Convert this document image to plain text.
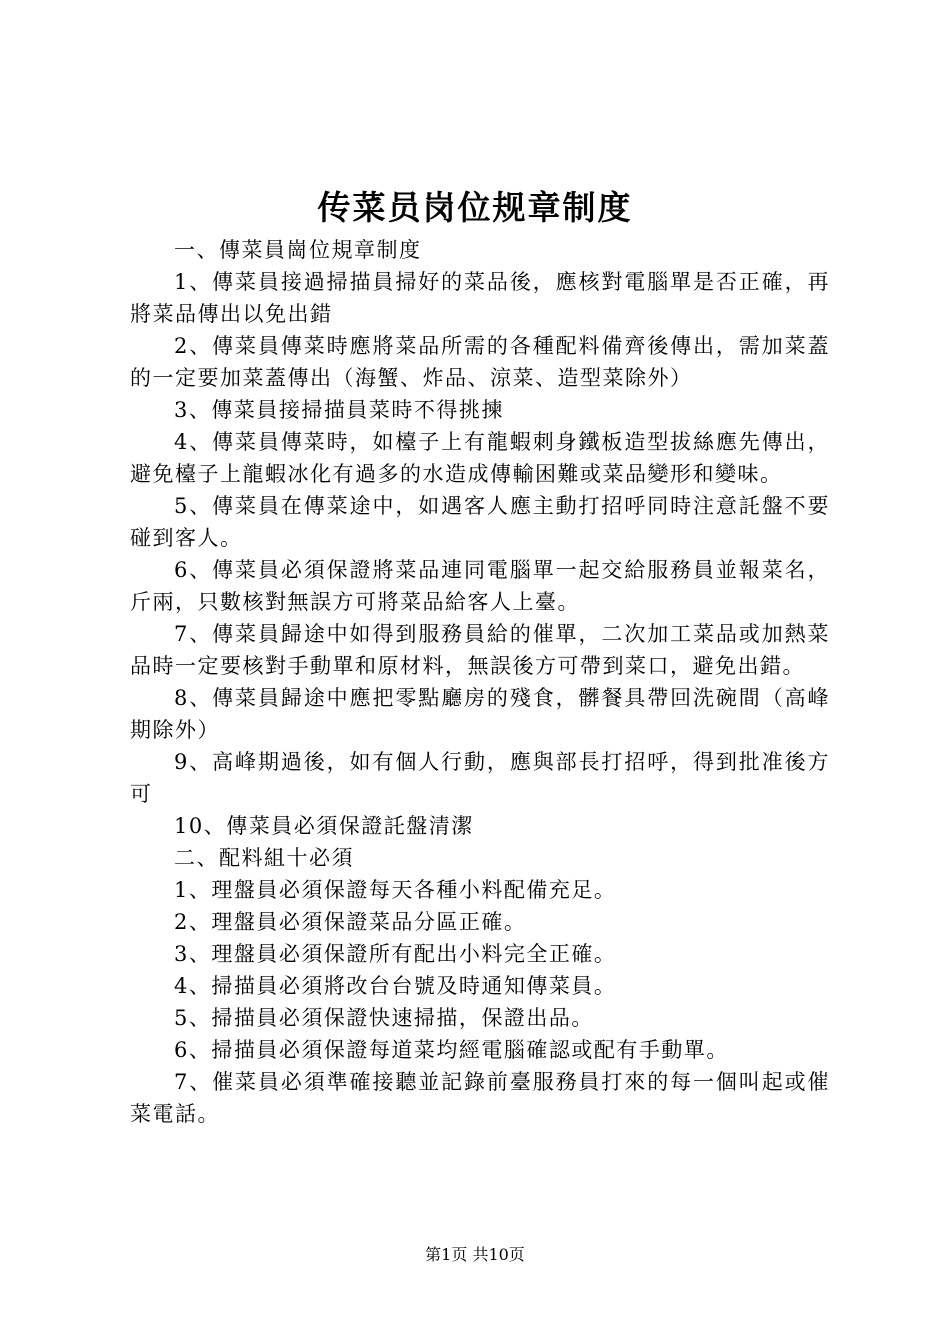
传菜员岗位规章制度

一、傳菜員崗位規章制度

1、傳菜員接過掃描員掃好的菜品後，應核對電腦單是否正確，再將菜品傳出以免出錯

2、傳菜員傳菜時應將菜品所需的各種配料備齊後傳出，需加菜蓋的一定要加菜蓋傳出（海蟹、炸品、涼菜、造型菜除外）

3、傳菜員接掃描員菜時不得挑揀

4、傳菜員傳菜時，如檯子上有龍蝦刺身鐵板造型拔絲應先傳出，避免檯子上龍蝦冰化有過多的水造成傳輸困難或菜品變形和變味。

5、傳菜員在傳菜途中，如遇客人應主動打招呼同時注意託盤不要碰到客人。

6、傳菜員必須保證將菜品連同電腦單一起交給服務員並報菜名，斤兩，只數核對無誤方可將菜品給客人上臺。

7、傳菜員歸途中如得到服務員給的催單，二次加工菜品或加熱菜品時一定要核對手動單和原材料，無誤後方可帶到菜口，避免出錯。

8、傳菜員歸途中應把零點廳房的殘食，髒餐具帶回洗碗間（高峰期除外）

9、高峰期過後，如有個人行動，應與部長打招呼，得到批准後方可

10、傳菜員必須保證託盤清潔

二、配料組十必須

1、理盤員必須保證每天各種小料配備充足。

2、理盤員必須保證菜品分區正確。

3、理盤員必須保證所有配出小料完全正確。

4、掃描員必須將改台台號及時通知傳菜員。

5、掃描員必須保證快速掃描，保證出品。

6、掃描員必須保證每道菜均經電腦確認或配有手動單。

7、催菜員必須準確接聽並記錄前臺服務員打來的每一個叫起或催菜電話。

第1页 共10页
